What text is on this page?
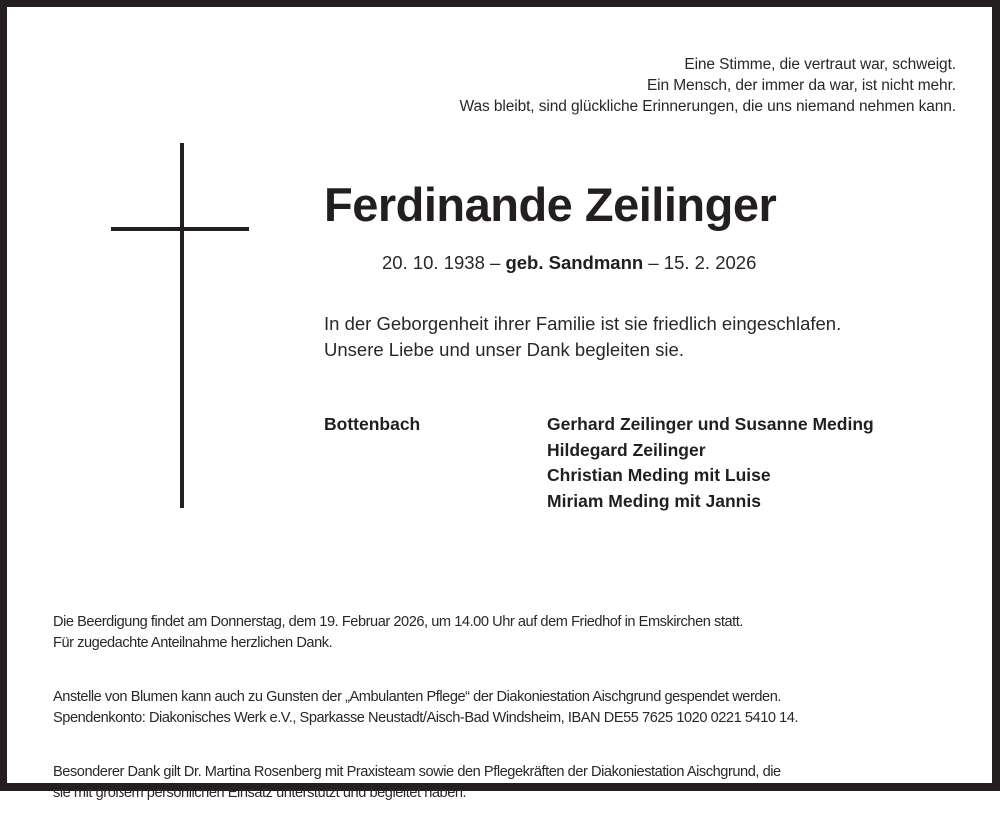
Eine Stimme, die vertraut war, schweigt.
Ein Mensch, der immer da war, ist nicht mehr.
Was bleibt, sind glückliche Erinnerungen, die uns niemand nehmen kann.
Ferdinande Zeilinger
20. 10. 1938 – geb. Sandmann – 15. 2. 2026
In der Geborgenheit ihrer Familie ist sie friedlich eingeschlafen.
Unsere Liebe und unser Dank begleiten sie.
Bottenbach	Gerhard Zeilinger und Susanne Meding
Hildegard Zeilinger
Christian Meding mit Luise
Miriam Meding mit Jannis

Die Beerdigung findet am Donnerstag, dem 19. Februar 2026, um 14.00 Uhr auf dem Friedhof in Emskirchen statt.
Für zugedachte Anteilnahme herzlichen Dank.

Anstelle von Blumen kann auch zu Gunsten der „Ambulanten Pflege“ der Diakoniestation Aischgrund gespendet werden.
Spendenkonto: Diakonisches Werk e.V., Sparkasse Neustadt/Aisch-Bad Windsheim, IBAN DE55 7625 1020 0221 5410 14.

Besonderer Dank gilt Dr. Martina Rosenberg mit Praxisteam sowie den Pflegekräften der Diakoniestation Aischgrund, die
sie mit großem persönlichen Einsatz unterstützt und begleitet haben.
